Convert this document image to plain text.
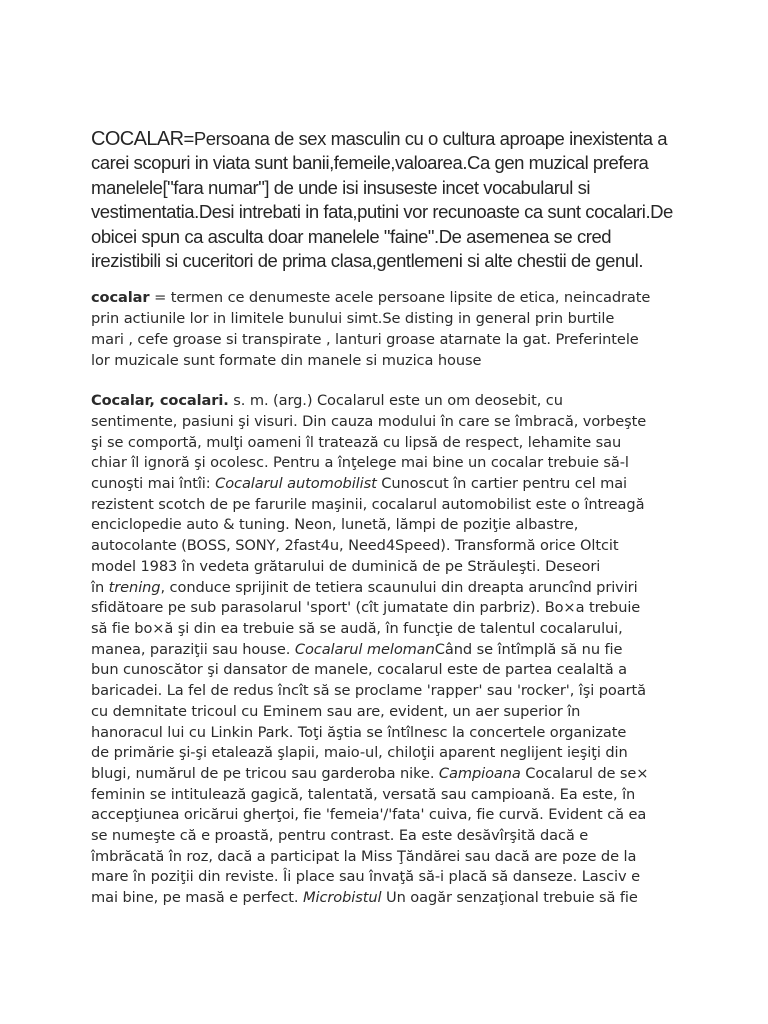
COCALAR=Persoana de sex masculin cu o cultura aproape inexistenta a
carei scopuri in viata sunt banii,femeile,valoarea.Ca gen muzical prefera
manelele["fara numar"] de unde isi insuseste incet vocabularul si
vestimentatia.Desi intrebati in fata,putini vor recunoaste ca sunt cocalari.De
obicei spun ca asculta doar manelele "faine".De asemenea se cred
irezistibili si cuceritori de prima clasa,gentlemeni si alte chestii de genul.

cocalar = termen ce denumeste acele persoane lipsite de etica, neincadrate
prin actiunile lor in limitele bunului simt.Se disting in general prin burtile
mari , cefe groase si transpirate , lanturi groase atarnate la gat. Preferintele
lor muzicale sunt formate din manele si muzica house

Cocalar, cocalari. s. m. (arg.) Cocalarul este un om deosebit, cu
sentimente, pasiuni şi visuri. Din cauza modului în care se îmbracă, vorbeşte
şi se comportă, mulţi oameni îl tratează cu lipsă de respect, lehamite sau
chiar îl ignoră şi ocolesc. Pentru a înţelege mai bine un cocalar trebuie să-l
cunoşti mai întîi: Cocalarul automobilist Cunoscut în cartier pentru cel mai
rezistent scotch de pe farurile maşinii, cocalarul automobilist este o întreagă
enciclopedie auto & tuning. Neon, lunetă, lămpi de poziţie albastre,
autocolante (BOSS, SONY, 2fast4u, Need4Speed). Transformă orice Oltcit
model 1983 în vedeta grătarului de duminică de pe Străuleşti. Deseori
în trening, conduce sprijinit de tetiera scaunului din dreapta aruncînd priviri
sfidătoare pe sub parasolarul 'sport' (cît jumatate din parbriz). Bo×a trebuie
să fie bo×ă şi din ea trebuie să se audă, în funcţie de talentul cocalarului,
manea, paraziţii sau house. Cocalarul melomanCând se întîmplă să nu fie
bun cunoscător şi dansator de manele, cocalarul este de partea cealaltă a
baricadei. La fel de redus încît să se proclame 'rapper' sau 'rocker', îşi poartă
cu demnitate tricoul cu Eminem sau are, evident, un aer superior în
hanoracul lui cu Linkin Park. Toţi ăştia se întîlnesc la concertele organizate
de primărie şi-şi etalează şlapii, maio-ul, chiloţii aparent neglijent ieşiţi din
blugi, numărul de pe tricou sau garderoba nike. Campioana Cocalarul de se×
feminin se intitulează gagică, talentată, versată sau campioană. Ea este, în
accepţiunea oricărui gherţoi, fie 'femeia'/'fata' cuiva, fie curvă. Evident că ea
se numeşte că e proastă, pentru contrast. Ea este desăvîrşită dacă e
îmbrăcată în roz, dacă a participat la Miss Ţăndărei sau dacă are poze de la
mare în poziţii din reviste. Îi place sau învaţă să-i placă să danseze. Lasciv e
mai bine, pe masă e perfect. Microbistul Un oagăr senzaţional trebuie să fie
